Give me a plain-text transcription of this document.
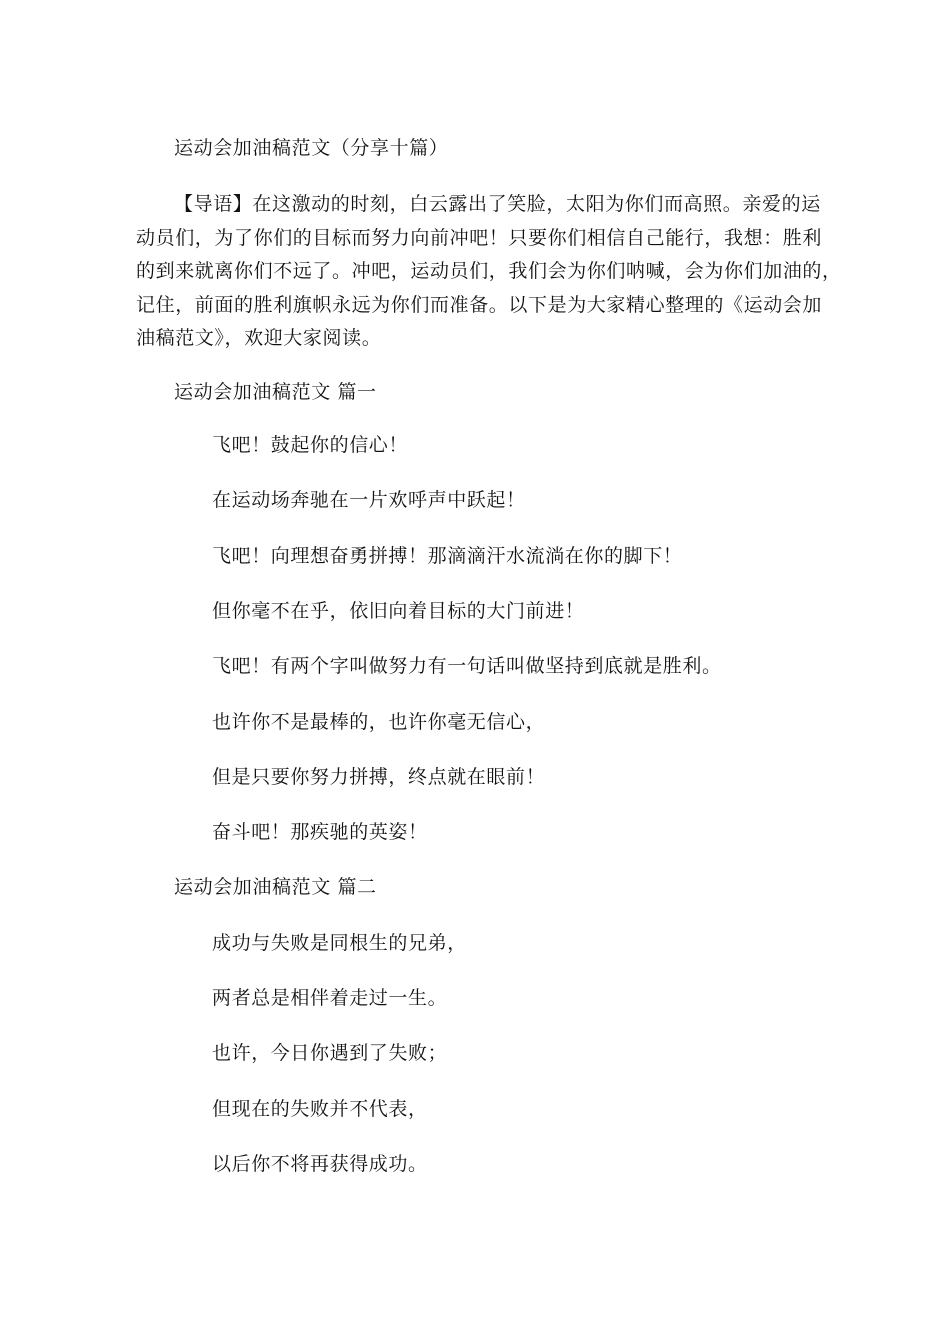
运动会加油稿范文（分享十篇）
【导语】在这激动的时刻，白云露出了笑脸，太阳为你们而高照。亲爱的运
动员们，为了你们的目标而努力向前冲吧！只要你们相信自己能行，我想：胜利
的到来就离你们不远了。冲吧，运动员们，我们会为你们呐喊，会为你们加油的，
记住，前面的胜利旗帜永远为你们而准备。以下是为大家精心整理的《运动会加
油稿范文》，欢迎大家阅读。
运动会加油稿范文 篇一
飞吧！鼓起你的信心！
在运动场奔驰在一片欢呼声中跃起！
飞吧！向理想奋勇拼搏！那滴滴汗水流淌在你的脚下！
但你毫不在乎，依旧向着目标的大门前进！
飞吧！有两个字叫做努力有一句话叫做坚持到底就是胜利。
也许你不是最棒的，也许你毫无信心，
但是只要你努力拼搏，终点就在眼前！
奋斗吧！那疾驰的英姿！
运动会加油稿范文 篇二
成功与失败是同根生的兄弟，
两者总是相伴着走过一生。
也许，今日你遇到了失败；
但现在的失败并不代表，
以后你不将再获得成功。
